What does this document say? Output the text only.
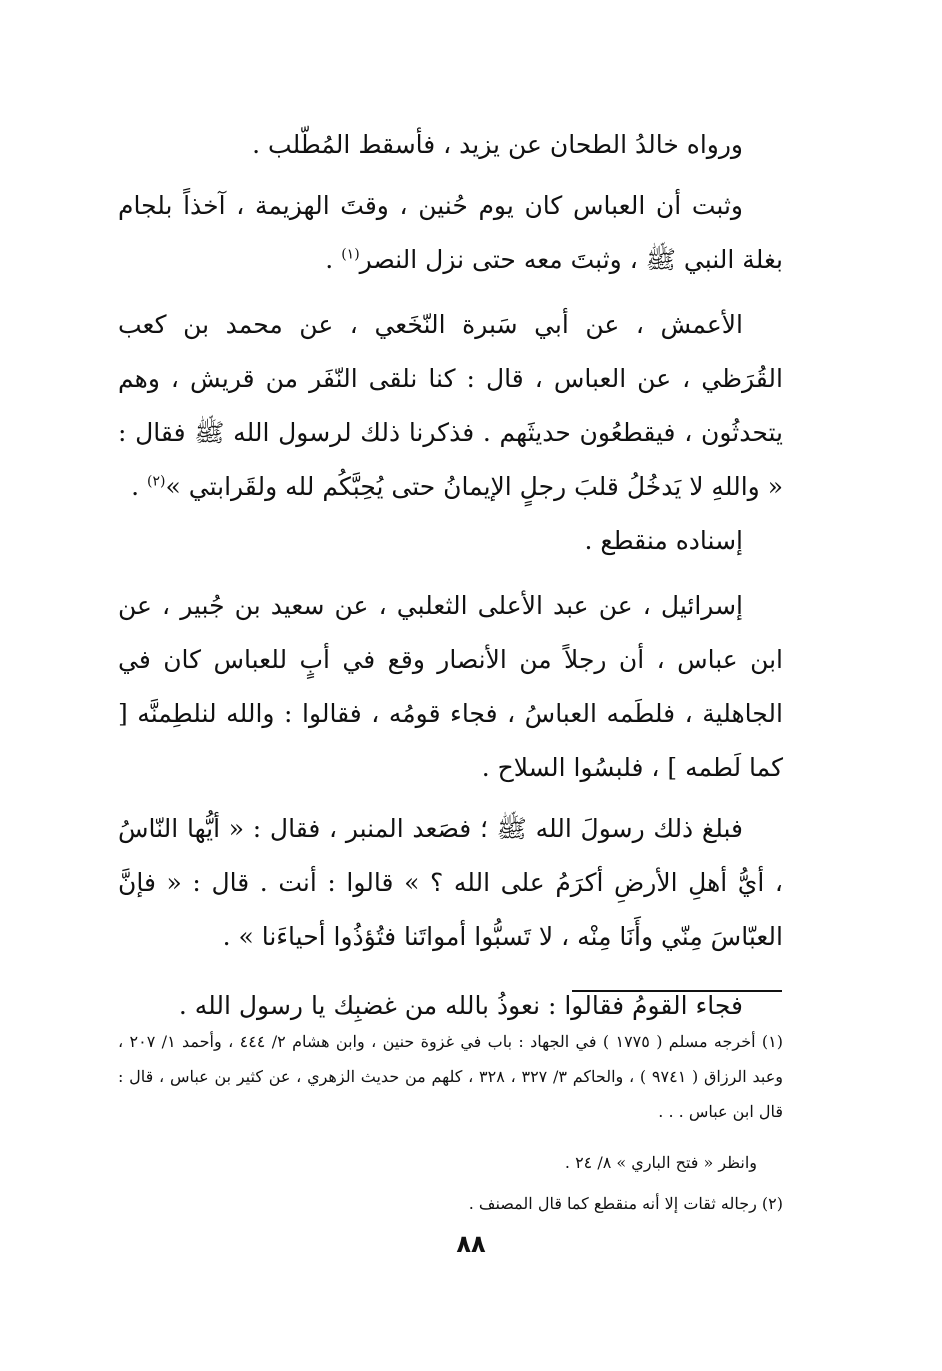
ورواه خالدُ الطحان عن يزيد ، فأسقط المُطّلب .

وثبت أن العباس كان يوم حُنين ، وقتَ الهزيمة ، آخذاً بلجام بغلة النبي ﷺ ، وثبتَ معه حتى نزل النصر$^{(١)}$ .

الأعمش ، عن أبي سَبرة النّخَعي ، عن محمد بن كعب القُرَظي ، عن العباس ، قال : كنا نلقى النّفَر من قريش ، وهم يتحدثُون ، فيقطعُون حديثَهم . فذكرنا ذلك لرسول الله ﷺ فقال : « واللهِ لا يَدخُلُ قلبَ رجلٍ الإيمانُ حتى يُحِبَّكُم لله ولقَرابتي »$^{(٢)}$ .

إسناده منقطع .

إسرائيل ، عن عبد الأعلى الثعلبي ، عن سعيد بن جُبير ، عن ابن عباس ، أن رجلاً من الأنصار وقع في أبٍ للعباس كان في الجاهلية ، فلطَمه العباسُ ، فجاء قومُه ، فقالوا : والله لنلطِمنَّه [ كما لَطمه ] ، فلبسُوا السلاح .

فبلغ ذلك رسولَ الله ﷺ ؛ فصَعد المنبر ، فقال : « أيُّها النّاسُ ، أيُّ أهلِ الأرضِ أكرَمُ على الله ؟ » قالوا : أنت . قال : « فإنَّ العبّاسَ مِنّي وأَنَا مِنْه ، لا تَسبُّوا أمواتَنا فتُؤذُوا أحياءَنا » .

فجاء القومُ فقالوا : نعوذُ بالله من غضبِك يا رسول الله .

(١) أخرجه مسلم ( ١٧٧٥ ) في الجهاد : باب في غزوة حنين ، وابن هشام ٢/ ٤٤٤ ، وأحمد ١/ ٢٠٧ ، وعبد الرزاق ( ٩٧٤١ ) ، والحاكم ٣/ ٣٢٧ ، ٣٢٨ ، كلهم من حديث الزهري ، عن كثير بن عباس ، قال : قال ابن عباس . . .

وانظر « فتح الباري » ٨/ ٢٤ .

(٢) رجاله ثقات إلا أنه منقطع كما قال المصنف .

٨٨
